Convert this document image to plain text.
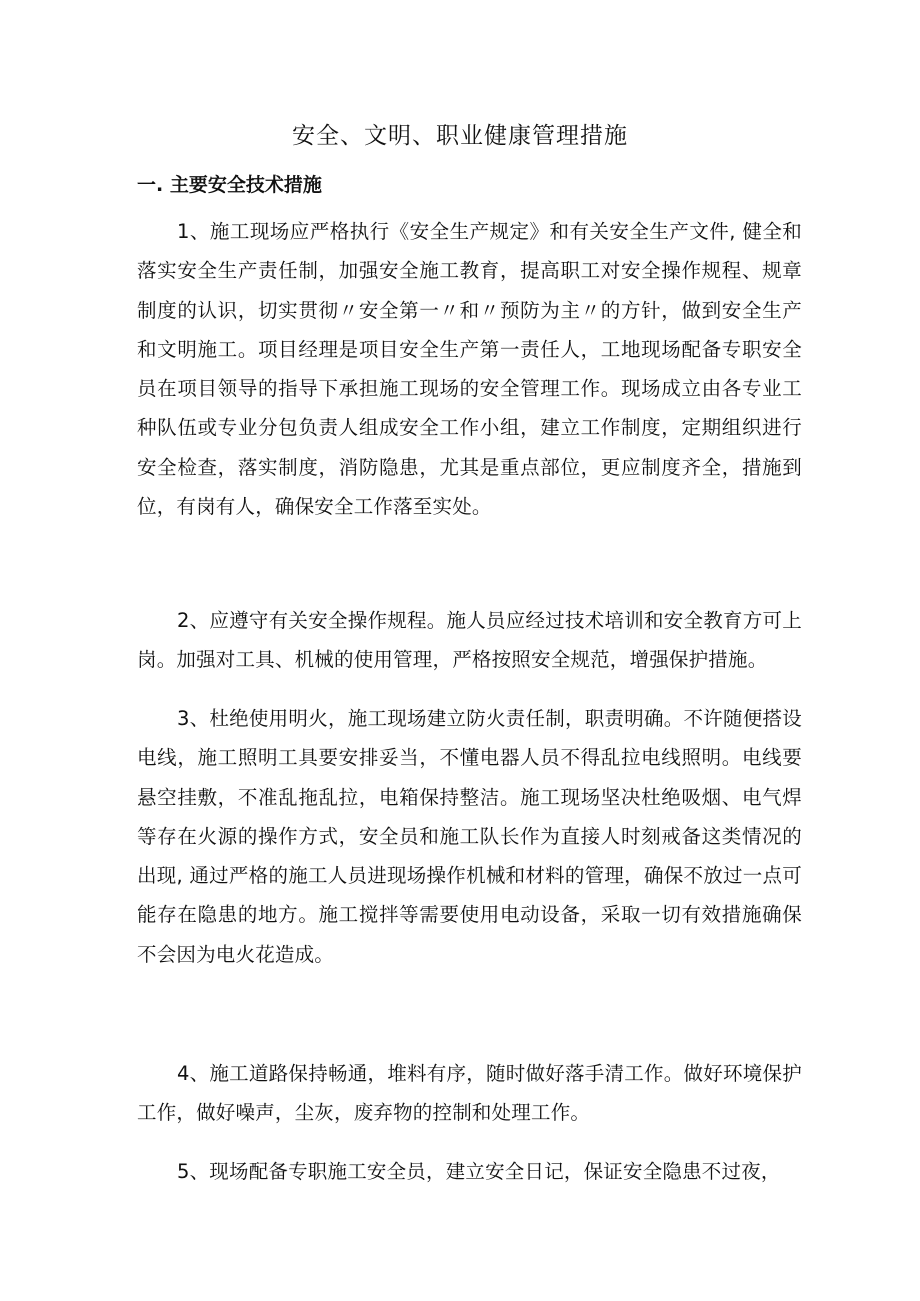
安全、文明、职业健康管理措施
一. 主要安全技术措施

1、施工现场应严格执行《安全生产规定》和有关安全生产文件, 健全和落实安全生产责任制，加强安全施工教育，提高职工对安全操作规程、规章制度的认识，切实贯彻〃安全第一〃和〃预防为主〃的方针，做到安全生产和文明施工。项目经理是项目安全生产第一责任人，工地现场配备专职安全员在项目领导的指导下承担施工现场的安全管理工作。现场成立由各专业工种队伍或专业分包负责人组成安全工作小组，建立工作制度，定期组织进行安全检查，落实制度，消防隐患，尤其是重点部位，更应制度齐全，措施到位，有岗有人，确保安全工作落至实处。

2、应遵守有关安全操作规程。施人员应经过技术培训和安全教育方可上岗。加强对工具、机械的使用管理，严格按照安全规范，增强保护措施。

3、杜绝使用明火，施工现场建立防火责任制，职责明确。不许随便搭设电线，施工照明工具要安排妥当，不懂电器人员不得乱拉电线照明。电线要悬空挂敷，不准乱拖乱拉，电箱保持整洁。施工现场坚决杜绝吸烟、电气焊等存在火源的操作方式，安全员和施工队长作为直接人时刻戒备这类情况的出现, 通过严格的施工人员进现场操作机械和材料的管理，确保不放过一点可能存在隐患的地方。施工搅拌等需要使用电动设备，采取一切有效措施确保不会因为电火花造成。

4、施工道路保持畅通，堆料有序，随时做好落手清工作。做好环境保护工作，做好噪声，尘灰，废弃物的控制和处理工作。

5、现场配备专职施工安全员，建立安全日记，保证安全隐患不过夜，
